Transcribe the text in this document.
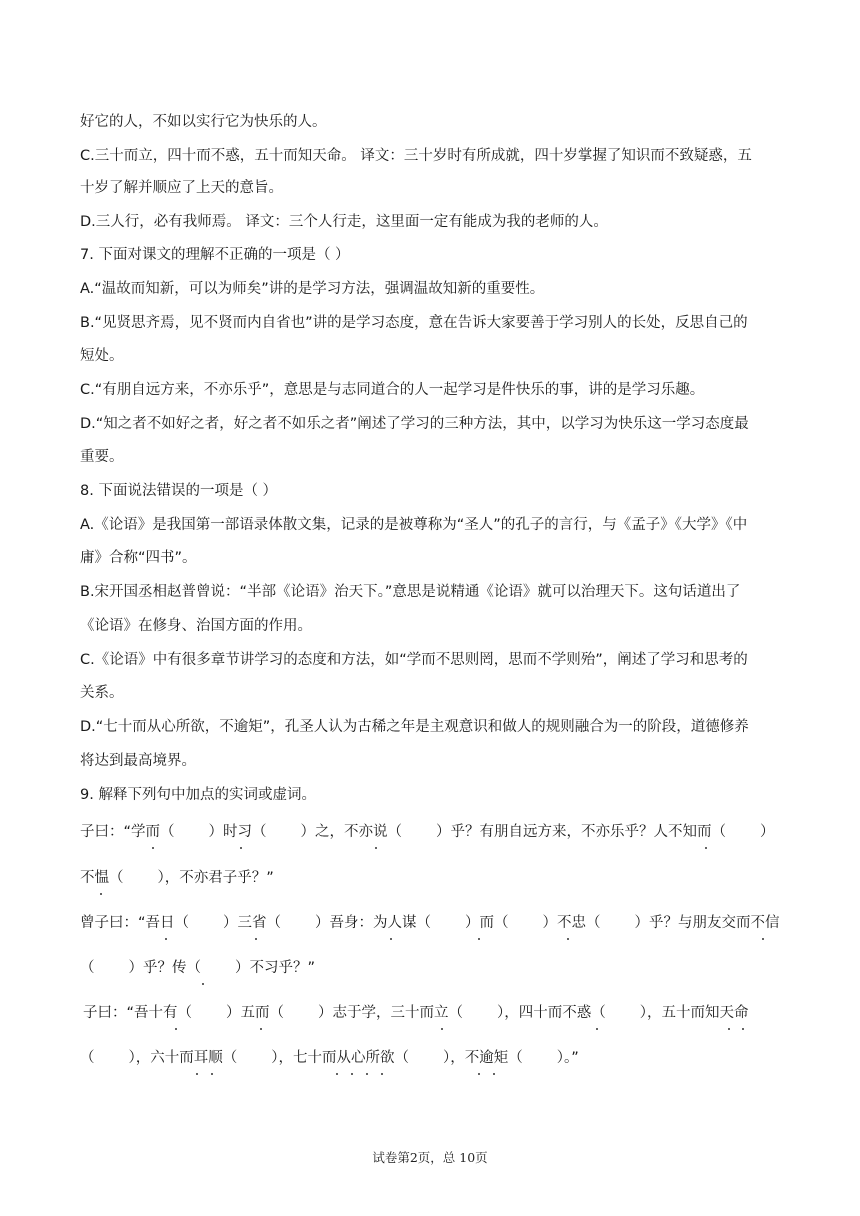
好它的人，不如以实行它为快乐的人。
C.三十而立，四十而不惑，五十而知天命。 译文：三十岁时有所成就，四十岁掌握了知识而不致疑惑，五
十岁了解并顺应了上天的意旨。
D.三人行，必有我师焉。 译文：三个人行走，这里面一定有能成为我的老师的人。
7. 下面对课文的理解不正确的一项是（ ）
A.“温故而知新，可以为师矣”讲的是学习方法，强调温故知新的重要性。
B.“见贤思齐焉，见不贤而内自省也”讲的是学习态度，意在告诉大家要善于学习别人的长处，反思自己的
短处。
C.“有朋自远方来，不亦乐乎”，意思是与志同道合的人一起学习是件快乐的事，讲的是学习乐趣。
D.“知之者不如好之者，好之者不如乐之者”阐述了学习的三种方法，其中，以学习为快乐这一学习态度最
重要。
8. 下面说法错误的一项是（ ）
A.《论语》是我国第一部语录体散文集，记录的是被尊称为“圣人”的孔子的言行，与《孟子》《大学》《中
庸》合称“四书”。
B.宋开国丞相赵普曾说：“半部《论语》治天下。”意思是说精通《论语》就可以治理天下。这句话道出了
《论语》在修身、治国方面的作用。
C.《论语》中有很多章节讲学习的态度和方法，如“学而不思则罔，思而不学则殆”，阐述了学习和思考的
关系。
D.“七十而从心所欲，不逾矩”，孔圣人认为古稀之年是主观意识和做人的规则融合为一的阶段，道德修养
将达到最高境界。
9. 解释下列句中加点的实词或虚词。
子曰：“学而（ ）时习（ ）之，不亦说（ ）乎？有朋自远方来，不亦乐乎？人不知而（ ）
不愠（ ），不亦君子乎？”
曾子曰：“吾日（ ）三省（ ）吾身：为人谋（ ）而（ ）不忠（ ）乎？与朋友交而不信
（ ）乎？传（ ）不习乎？”
子曰：“吾十有（ ）五而（ ）志于学，三十而立（ ），四十而不惑（ ），五十而知天命
（ ），六十而耳顺（ ），七十而从心所欲（ ），不逾矩（ ）。”
试卷第2页，总 10页
